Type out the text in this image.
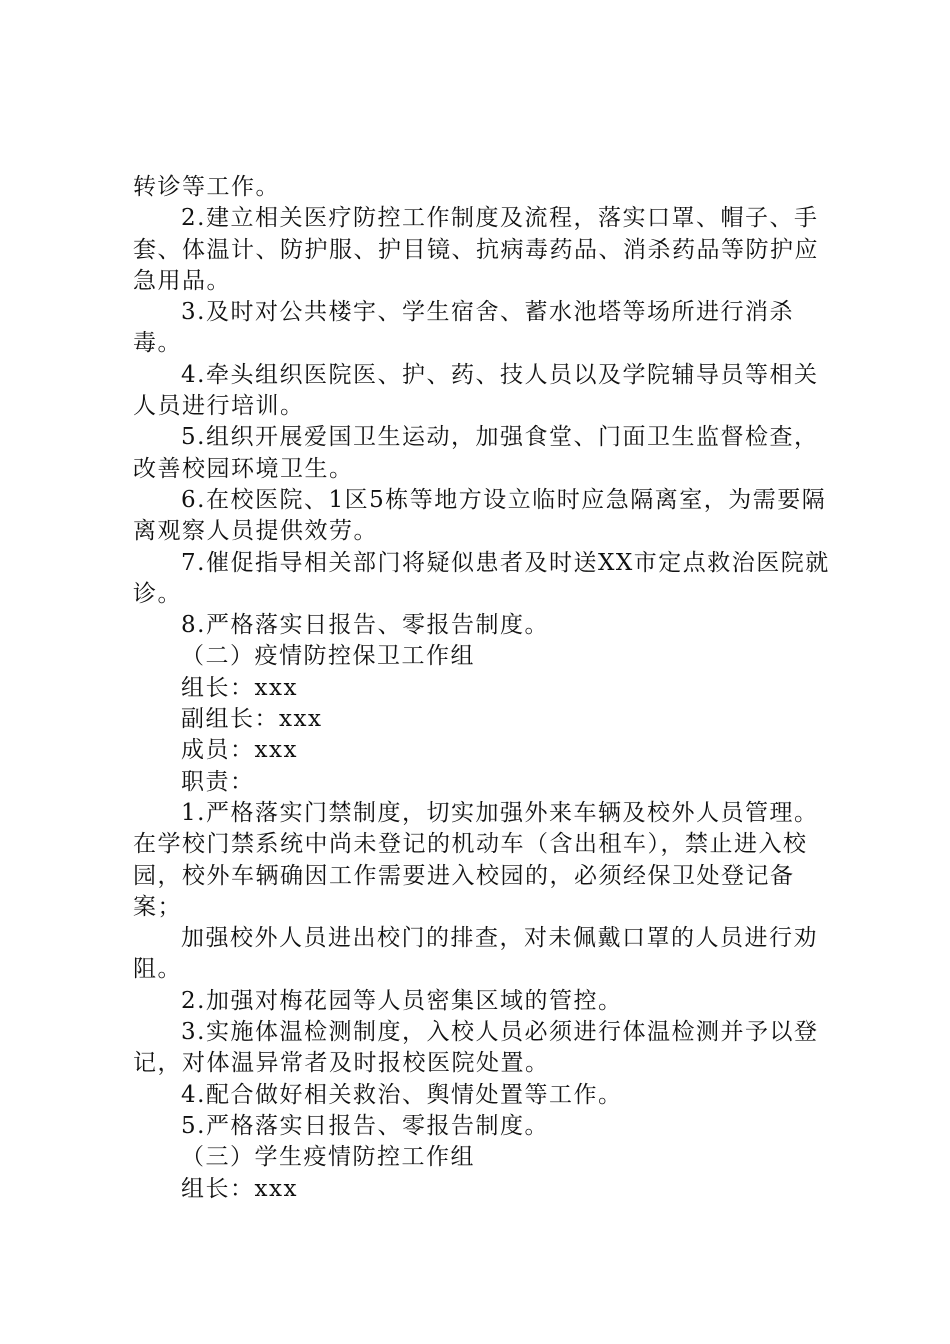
转诊等工作。

2.建立相关医疗防控工作制度及流程，落实口罩、帽子、手套、体温计、防护服、护目镜、抗病毒药品、消杀药品等防护应急用品。

3.及时对公共楼宇、学生宿舍、蓄水池塔等场所进行消杀毒。

4.牵头组织医院医、护、药、技人员以及学院辅导员等相关人员进行培训。

5.组织开展爱国卫生运动，加强食堂、门面卫生监督检查，改善校园环境卫生。

6.在校医院、1区5栋等地方设立临时应急隔离室，为需要隔离观察人员提供效劳。

7.催促指导相关部门将疑似患者及时送XX市定点救治医院就诊。

8.严格落实日报告、零报告制度。

（二）疫情防控保卫工作组

组长：xxx

副组长：xxx

成员：xxx

职责：

1.严格落实门禁制度，切实加强外来车辆及校外人员管理。在学校门禁系统中尚未登记的机动车（含出租车），禁止进入校园，校外车辆确因工作需要进入校园的，必须经保卫处登记备案；

加强校外人员进出校门的排查，对未佩戴口罩的人员进行劝阻。

2.加强对梅花园等人员密集区域的管控。

3.实施体温检测制度，入校人员必须进行体温检测并予以登记，对体温异常者及时报校医院处置。

4.配合做好相关救治、舆情处置等工作。

5.严格落实日报告、零报告制度。

（三）学生疫情防控工作组

组长：xxx
